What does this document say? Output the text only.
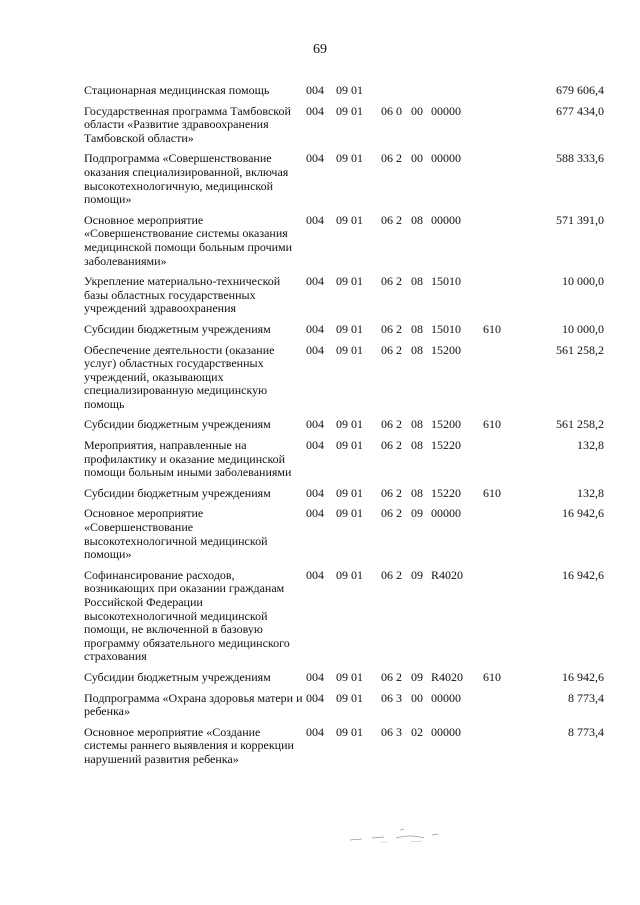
69
Стационарная медицинская помощь	004	09 01						679 606,4
Государственная программа Тамбовской области «Развитие здравоохранения Тамбовской области»	004	09 01	06	0	00	00000		677 434,0
Подпрограмма «Совершенствование оказания специализированной, включая высокотехнологичную, медицинской помощи»	004	09 01	06	2	00	00000		588 333,6
Основное мероприятие «Совершенствование системы оказания медицинской помощи больным прочими заболеваниями»	004	09 01	06	2	08	00000		571 391,0
Укрепление материально-технической базы областных государственных учреждений здравоохранения	004	09 01	06	2	08	15010		10 000,0
Субсидии бюджетным учреждениям	004	09 01	06	2	08	15010	610	10 000,0
Обеспечение деятельности (оказание услуг) областных государственных учреждений, оказывающих специализированную медицинскую помощь	004	09 01	06	2	08	15200		561 258,2
Субсидии бюджетным учреждениям	004	09 01	06	2	08	15200	610	561 258,2
Мероприятия, направленные на профилактику и оказание медицинской помощи больным иными заболеваниями	004	09 01	06	2	08	15220		132,8
Субсидии бюджетным учреждениям	004	09 01	06	2	08	15220	610	132,8
Основное мероприятие «Совершенствование высокотехнологичной медицинской помощи»	004	09 01	06	2	09	00000		16 942,6
Софинансирование расходов, возникающих при оказании гражданам Российской Федерации высокотехнологичной медицинской помощи, не включенной в базовую программу обязательного медицинского страхования	004	09 01	06	2	09	R4020		16 942,6
Субсидии бюджетным учреждениям	004	09 01	06	2	09	R4020	610	16 942,6
Подпрограмма «Охрана здоровья матери и ребенка»	004	09 01	06	3	00	00000		8 773,4
Основное мероприятие «Создание системы раннего выявления и коррекции нарушений развития ребенка»	004	09 01	06	3	02	00000		8 773,4
